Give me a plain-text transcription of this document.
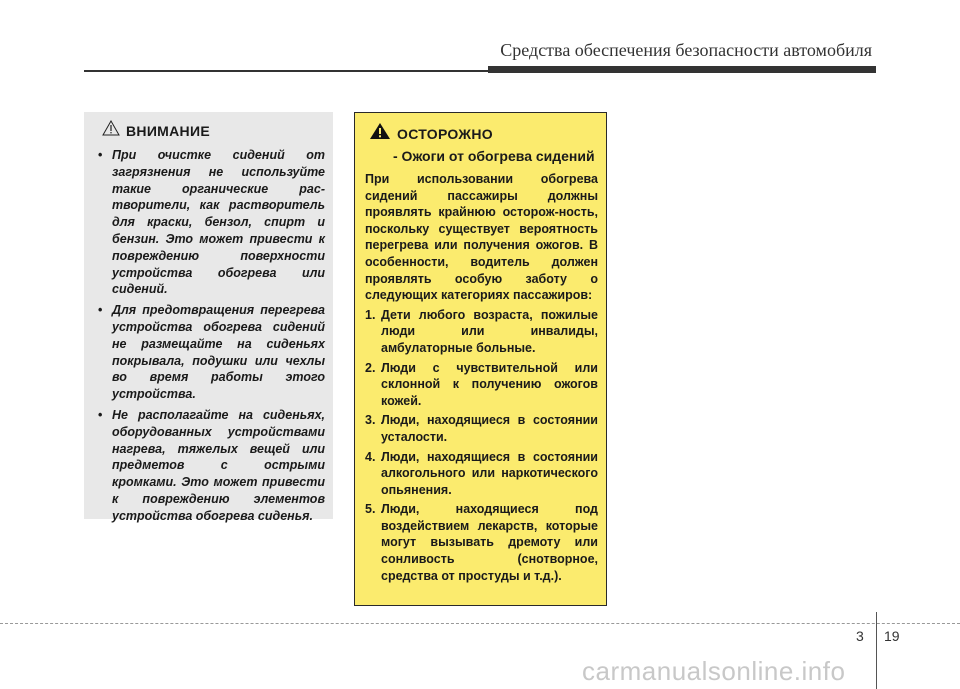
Средства обеспечения безопасности автомобиля
ВНИМАНИЕ
• При очистке сидений от загрязнения не используйте такие органические рас-творители, как растворитель для краски, бензол, спирт и бензин. Это может привести к повреждению поверхности устройства обогрева или сидений.
• Для предотвращения перегрева устройства обогрева сидений не размещайте на сиденьях покрывала, подушки или чехлы во время работы этого устройства.
• Не располагайте на сиденьях, оборудованных устройствами нагрева, тяжелых вещей или предметов с острыми кромками. Это может привести к повреждению элементов устройства обогрева сиденья.
ОСТОРОЖНО
- Ожоги от обогрева сидений

При использовании обогрева сидений пассажиры должны проявлять крайнюю осторож-ность, поскольку существует вероятность перегрева или получения ожогов. В особенности, водитель должен проявлять особую заботу о следующих категориях пассажиров:

1. Дети любого возраста, пожилые люди или инвалиды, амбулаторные больные.
2. Люди с чувствительной или склонной к получению ожогов кожей.
3. Люди, находящиеся в состоянии усталости.
4. Люди, находящиеся в состоянии алкогольного или наркотического опьянения.
5. Люди, находящиеся под воздействием лекарств, которые могут вызывать дремоту или сонливость (снотворное, средства от простуды и т.д.).
3 19
carmanualsonline.info
